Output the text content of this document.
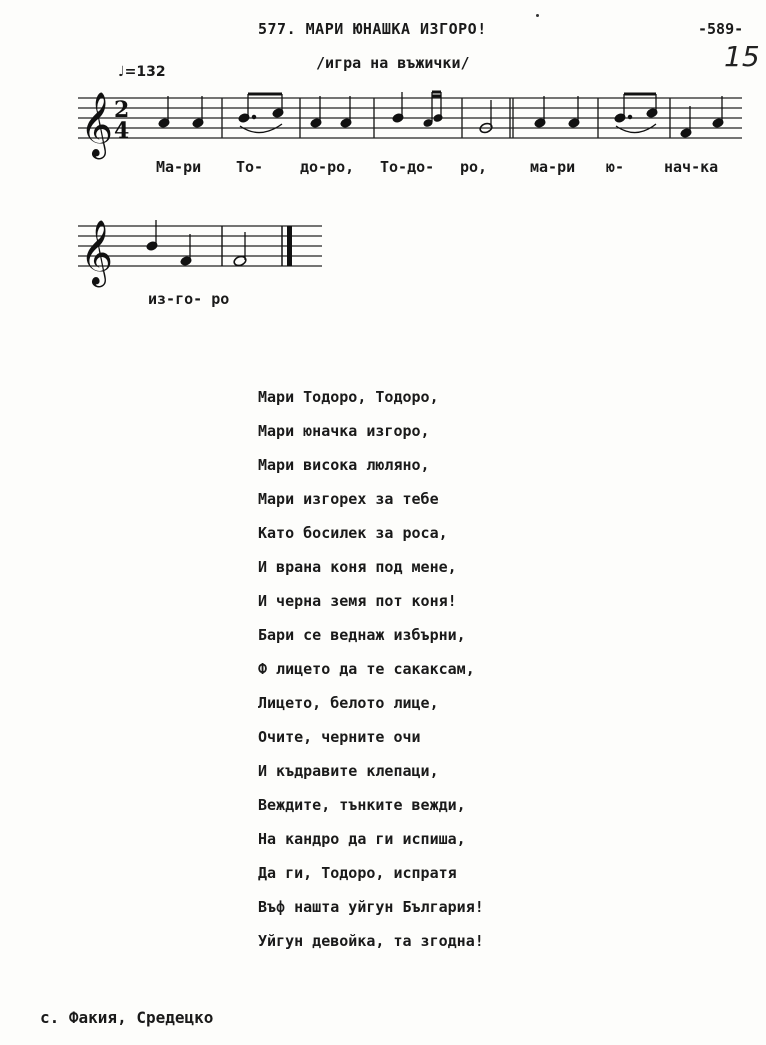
577. МАРИ ЮНАШКА ИЗГОРО!	-589-
15
/игра на въжички/
♩=132
𝄞 2
4
𝄞
Ма-ри То- до-ро, То-до- ро,	ма-ри ю-	нач-ка
из-го- ро
Мари Тодоро, Тодоро,
Мари юначка изгоро,
Мари висока люляно,
Мари изгорех за тебе
Като босилек за роса,
И врана коня под мене,
И черна земя пот коня!
Бари се веднаж избърни,
Ф лицето да те сакаксам,
Лицето, белото лице,
Очите, черните очи
И къдравите клепаци,
Веждите, тънките вежди,
На кандро да ги испиша,
Да ги, Тодоро, испратя
Въф нашта уйгун България!
Уйгун девойка, та згодна!
с. Факия, Средецко
